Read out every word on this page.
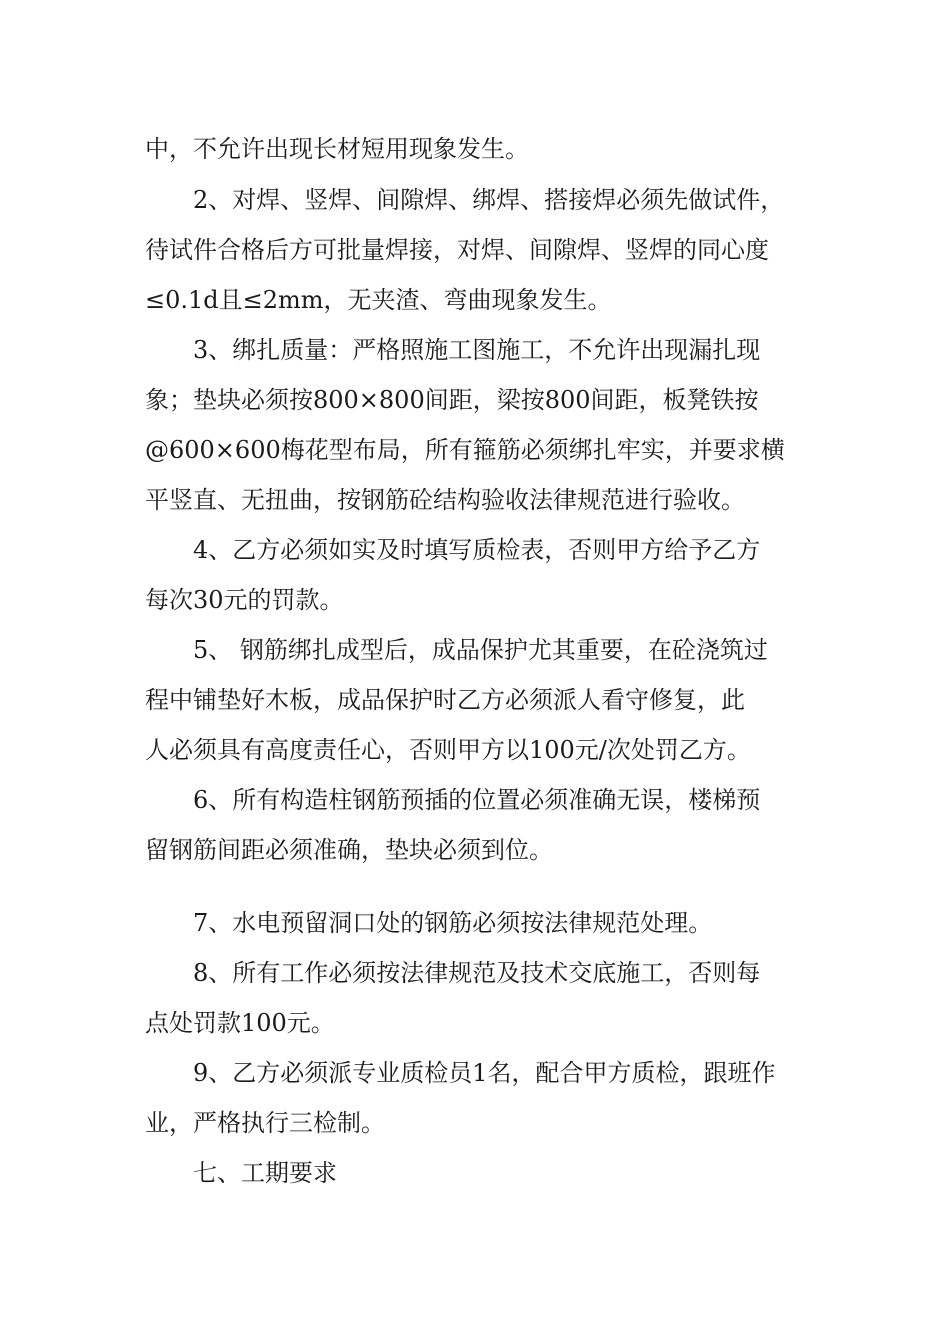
中，不允许出现长材短用现象发生。
2、对焊、竖焊、间隙焊、绑焊、搭接焊必须先做试件，
待试件合格后方可批量焊接，对焊、间隙焊、竖焊的同心度
≤0.1d且≤2mm，无夹渣、弯曲现象发生。
3、绑扎质量：严格照施工图施工，不允许出现漏扎现
象；垫块必须按800×800间距，梁按800间距，板凳铁按
@600×600梅花型布局，所有箍筋必须绑扎牢实，并要求横
平竖直、无扭曲，按钢筋砼结构验收法律规范进行验收。
4、乙方必须如实及时填写质检表，否则甲方给予乙方
每次30元的罚款。
5、 钢筋绑扎成型后，成品保护尤其重要，在砼浇筑过
程中铺垫好木板，成品保护时乙方必须派人看守修复，此
人必须具有高度责任心，否则甲方以100元/次处罚乙方。
6、所有构造柱钢筋预插的位置必须准确无误，楼梯预
留钢筋间距必须准确，垫块必须到位。
7、水电预留洞口处的钢筋必须按法律规范处理。
8、所有工作必须按法律规范及技术交底施工，否则每
点处罚款100元。
9、乙方必须派专业质检员1名，配合甲方质检，跟班作
业，严格执行三检制。
七、工期要求
